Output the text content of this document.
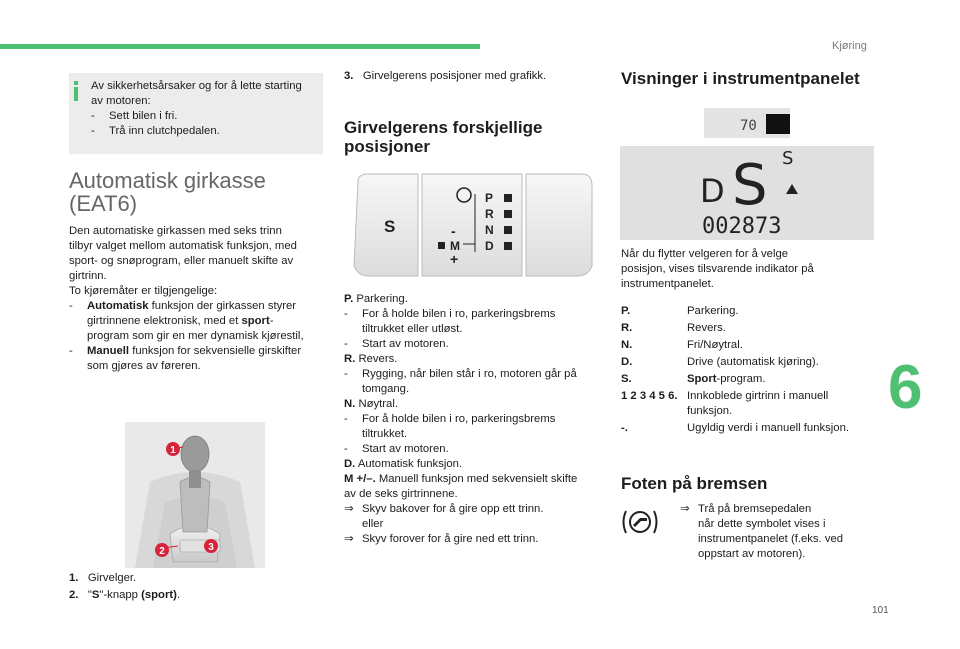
Kjøring
6
101
Av sikkerhetsårsaker og for å lette starting
av motoren:
- Sett bilen i fri.
- Trå inn clutchpedalen.
Automatisk girkasse
(EAT6)
Den automatiske girkassen med seks trinn
tilbyr valget mellom automatisk funksjon, med
sport- og snøprogram, eller manuelt skifte av
girtrinn.
To kjøremåter er tilgjengelige:
- Automatisk funksjon der girkassen styrer
girtrinnene elektronisk, med et sport-
program som gir en mer dynamisk kjørestil,
- Manuell funksjon for sekvensielle girskifter
som gjøres av føreren.
1
2	3
1. Girvelger.
2. "S"-knapp (sport).
3. Girvelgerens posisjoner med grafikk.
Girvelgerens forskjellige
posisjoner
S
P
R
N
D
M
-
+
P. Parkering.
- For å holde bilen i ro, parkeringsbrems
tiltrukket eller utløst.
- Start av motoren.
R. Revers.
- Rygging, når bilen står i ro, motoren går på
tomgang.
N. Nøytral.
- For å holde bilen i ro, parkeringsbrems
tiltrukket.
- Start av motoren.
D. Automatisk funksjon.
M +/–. Manuell funksjon med sekvensielt skifte
av de seks girtrinnene.
⇒ Skyv bakover for å gire opp ett trinn.
eller
⇒ Skyv forover for å gire ned ett trinn.
Visninger i instrumentpanelet
70
D S S
002873
Når du flytter velgeren for å velge
posisjon, vises tilsvarende indikator på
instrumentpanelet.
P.	Parkering.
R.	Revers.
N.	Fri/Nøytral.
D.	Drive (automatisk kjøring).
S.	Sport-program.
1 2 3 4 5 6. Innkoblede girtrinn i manuell funksjon.
-.	Ugyldig verdi i manuell funksjon.
Foten på bremsen
⇒ Trå på bremsepedalen
når dette symbolet vises i
instrumentpanelet (f.eks. ved
oppstart av motoren).
